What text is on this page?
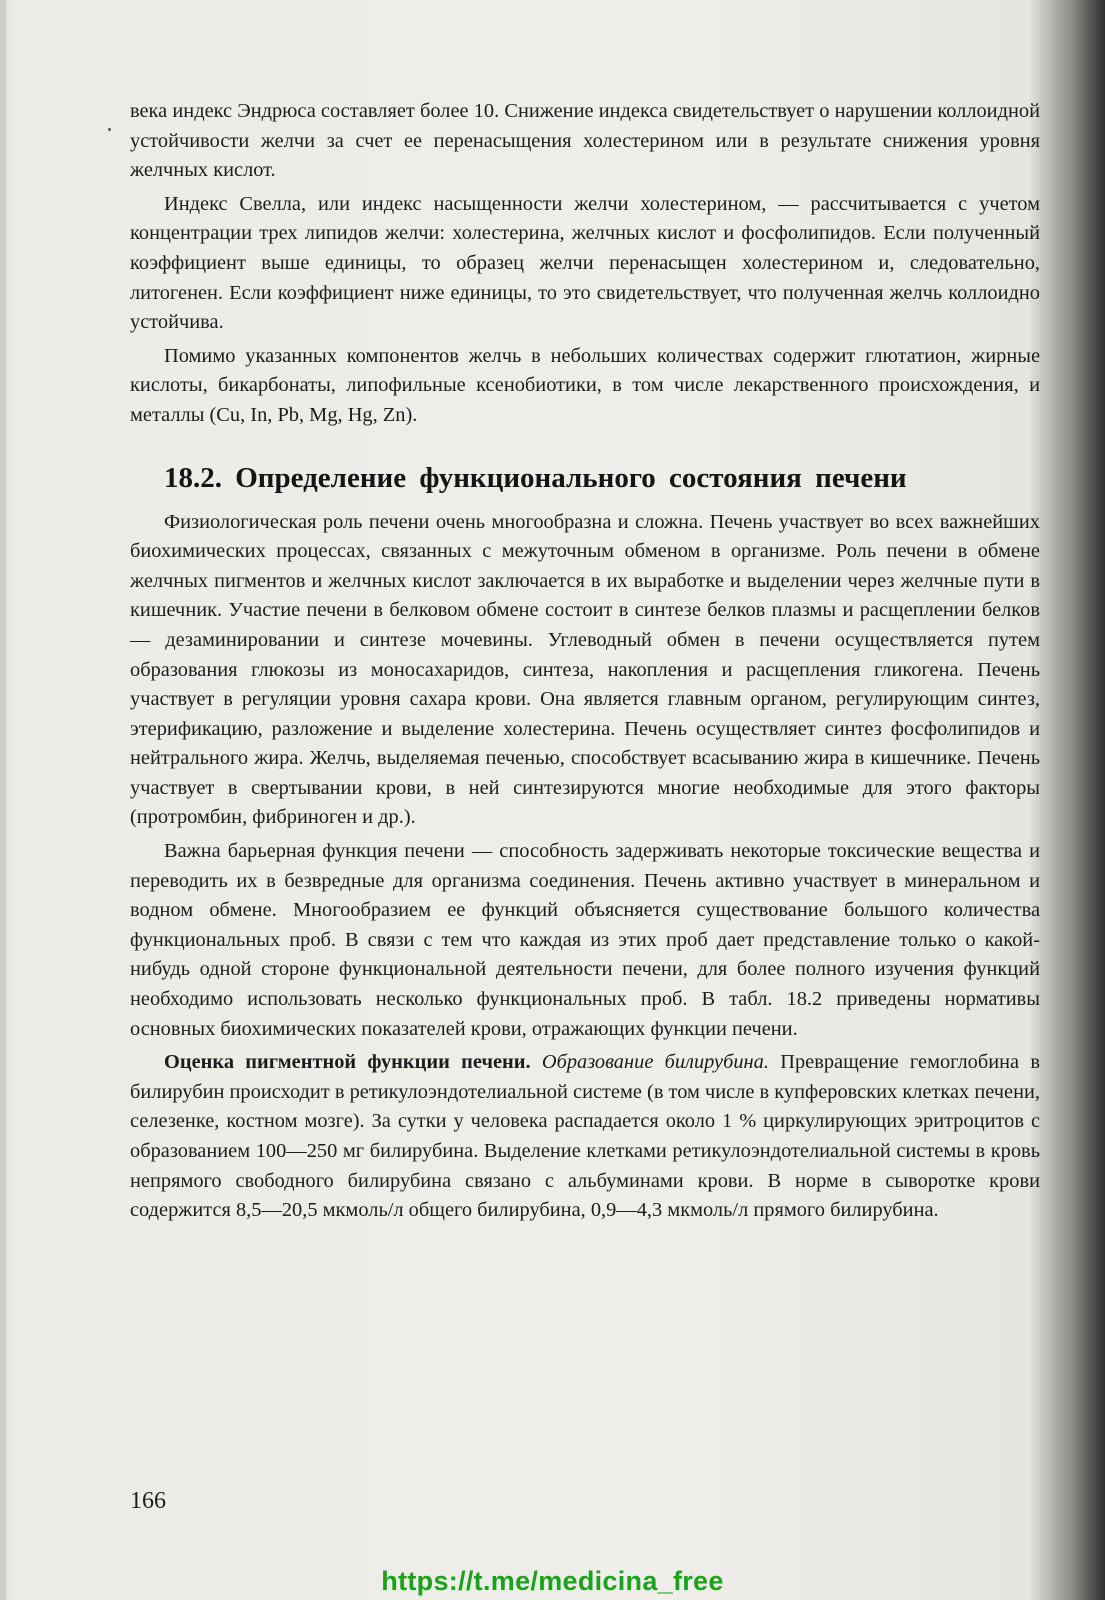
века индекс Эндрюса составляет более 10. Снижение индекса свидетельствует о нарушении коллоидной устойчивости желчи за счет ее перенасыщения холестерином или в результате снижения уровня желчных кислот.

Индекс Свелла, или индекс насыщенности желчи холестерином, — рассчитывается с учетом концентрации трех липидов желчи: холестерина, желчных кислот и фосфолипидов. Если полученный коэффициент выше единицы, то образец желчи перенасыщен холестерином и, следовательно, литогенен. Если коэффициент ниже единицы, то это свидетельствует, что полученная желчь коллоидно устойчива.

Помимо указанных компонентов желчь в небольших количествах содержит глютатион, жирные кислоты, бикарбонаты, липофильные ксенобиотики, в том числе лекарственного происхождения, и металлы (Cu, In, Pb, Mg, Hg, Zn).

18.2. Определение функционального состояния печени

Физиологическая роль печени очень многообразна и сложна. Печень участвует во всех важнейших биохимических процессах, связанных с межуточным обменом в организме. Роль печени в обмене желчных пигментов и желчных кислот заключается в их выработке и выделении через желчные пути в кишечник. Участие печени в белковом обмене состоит в синтезе белков плазмы и расщеплении белков — дезаминировании и синтезе мочевины. Углеводный обмен в печени осуществляется путем образования глюкозы из моносахаридов, синтеза, накопления и расщепления гликогена. Печень участвует в регуляции уровня сахара крови. Она является главным органом, регулирующим синтез, этерификацию, разложение и выделение холестерина. Печень осуществляет синтез фосфолипидов и нейтрального жира. Желчь, выделяемая печенью, способствует всасыванию жира в кишечнике. Печень участвует в свертывании крови, в ней синтезируются многие необходимые для этого факторы (протромбин, фибриноген и др.).

Важна барьерная функция печени — способность задерживать некоторые токсические вещества и переводить их в безвредные для организма соединения. Печень активно участвует в минеральном и водном обмене. Многообразием ее функций объясняется существование большого количества функциональных проб. В связи с тем что каждая из этих проб дает представление только о какой-нибудь одной стороне функциональной деятельности печени, для более полного изучения функций необходимо использовать несколько функциональных проб. В табл. 18.2 приведены нормативы основных биохимических показателей крови, отражающих функции печени.

Оценка пигментной функции печени. Образование билирубина. Превращение гемоглобина в билирубин происходит в ретикулоэндотелиальной системе (в том числе в купферовских клетках печени, селезенке, костном мозге). За сутки у человека распадается около 1 % циркулирующих эритроцитов с образованием 100—250 мг билирубина. Выделение клетками ретикулоэндотелиальной системы в кровь непрямого свободного билирубина связано с альбуминами крови. В норме в сыворотке крови содержится 8,5—20,5 мкмоль/л общего билирубина, 0,9—4,3 мкмоль/л прямого билирубина.

166
https://t.me/medicina_free
